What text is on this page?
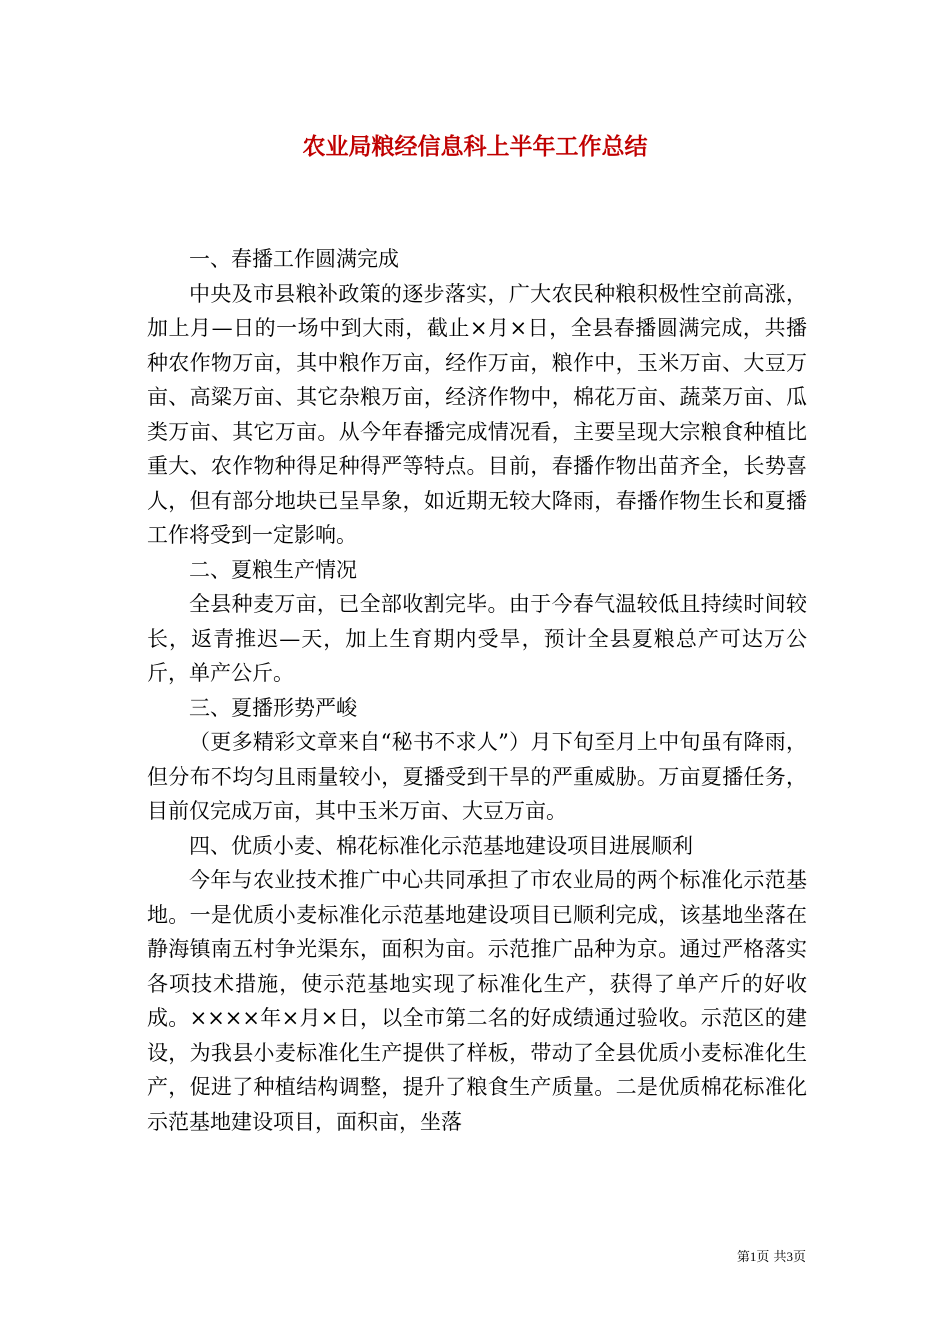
农业局粮经信息科上半年工作总结

一、春播工作圆满完成

中央及市县粮补政策的逐步落实，广大农民种粮积极性空前高涨，加上月—日的一场中到大雨，截止×月×日，全县春播圆满完成，共播种农作物万亩，其中粮作万亩，经作万亩，粮作中，玉米万亩、大豆万亩、高粱万亩、其它杂粮万亩，经济作物中，棉花万亩、蔬菜万亩、瓜类万亩、其它万亩。从今年春播完成情况看，主要呈现大宗粮食种植比重大、农作物种得足种得严等特点。目前，春播作物出苗齐全，长势喜人，但有部分地块已呈旱象，如近期无较大降雨，春播作物生长和夏播工作将受到一定影响。

二、夏粮生产情况

全县种麦万亩，已全部收割完毕。由于今春气温较低且持续时间较长，返青推迟—天，加上生育期内受旱，预计全县夏粮总产可达万公斤，单产公斤。

三、夏播形势严峻

（更多精彩文章来自“秘书不求人”）月下旬至月上中旬虽有降雨，但分布不均匀且雨量较小，夏播受到干旱的严重威胁。万亩夏播任务，目前仅完成万亩，其中玉米万亩、大豆万亩。

四、优质小麦、棉花标准化示范基地建设项目进展顺利

今年与农业技术推广中心共同承担了市农业局的两个标准化示范基地。一是优质小麦标准化示范基地建设项目已顺利完成，该基地坐落在静海镇南五村争光渠东，面积为亩。示范推广品种为京。通过严格落实各项技术措施，使示范基地实现了标准化生产，获得了单产斤的好收成。××××年×月×日，以全市第二名的好成绩通过验收。示范区的建设，为我县小麦标准化生产提供了样板，带动了全县优质小麦标准化生产，促进了种植结构调整，提升了粮食生产质量。二是优质棉花标准化示范基地建设项目，面积亩，坐落

第1页 共3页
